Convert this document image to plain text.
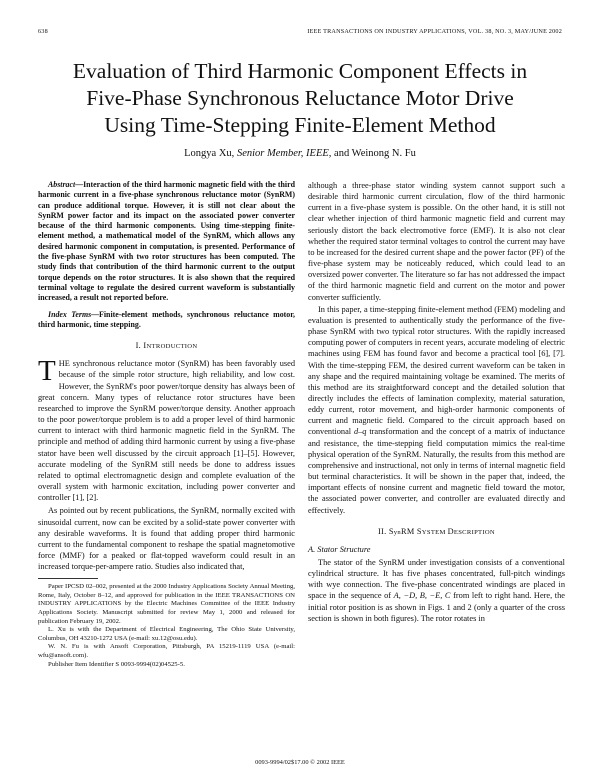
638	IEEE TRANSACTIONS ON INDUSTRY APPLICATIONS, VOL. 38, NO. 3, MAY/JUNE 2002
Evaluation of Third Harmonic Component Effects in
Five-Phase Synchronous Reluctance Motor Drive
Using Time-Stepping Finite-Element Method
Longya Xu, Senior Member, IEEE, and Weinong N. Fu

Abstract—Interaction of the third harmonic magnetic field with the third harmonic current in a five-phase synchronous reluctance motor (SynRM) can produce additional torque. However, it is still not clear about the SynRM power factor and its impact on the associated power converter because of the third harmonic components. Using time-stepping finite-element method, a mathematical model of the SynRM, which allows any desired harmonic component in computation, is presented. Performance of the five-phase SynRM with two rotor structures has been computed. The study finds that contribution of the third harmonic current to the output torque depends on the rotor structures. It is also shown that the required terminal voltage to regulate the desired current waveform is substantially increased, a result not reported before.

Index Terms—Finite-element methods, synchronous reluctance motor, third harmonic, time stepping.

I. INTRODUCTION

THE synchronous reluctance motor (SynRM) has been favorably used because of the simple rotor structure, high reliability, and low cost. However, the SynRM's poor power/torque density has always been of great concern. Many types of reluctance rotor structures have been researched to improve the SynRM power/torque density. Another approach to the poor power/torque problem is to add a proper level of third harmonic current to interact with third harmonic magnetic field in the SynRM. The principle and method of adding third harmonic current by using a five-phase stator have been well discussed by the circuit approach [1]–[5]. However, accurate modeling of the SynRM still needs be done to address issues related to optimal electromagnetic design and complete evaluation of the overall system with harmonic excitation, including power converter and controller [1], [2].

As pointed out by recent publications, the SynRM, normally excited with sinusoidal current, now can be excited by a solid-state power converter with any desirable waveforms. It is found that adding proper third harmonic current to the fundamental component to reshape the spatial magnetomotive force (MMF) for a peaked or flat-topped waveform could result in an increased torque-per-ampere ratio. Studies also indicated that,

Paper IPCSD 02–002, presented at the 2000 Industry Applications Society Annual Meeting, Rome, Italy, October 8–12, and approved for publication in the IEEE TRANSACTIONS ON INDUSTRY APPLICATIONS by the Electric Machines Committee of the IEEE Industry Applications Society. Manuscript submitted for review May 1, 2000 and released for publication February 19, 2002.

L. Xu is with the Department of Electrical Engineering, The Ohio State University, Columbus, OH 43210-1272 USA (e-mail: xu.12@osu.edu).

W. N. Fu is with Ansoft Corporation, Pittsburgh, PA 15219-1119 USA (e-mail: wfu@ansoft.com).

Publisher Item Identifier S 0093-9994(02)04525-5.

although a three-phase stator winding system cannot support such a desirable third harmonic current circulation, flow of the third harmonic current in a five-phase system is possible. On the other hand, it is still not clear whether injection of third harmonic magnetic field and current may seriously distort the back electromotive force (EMF). It is also not clear whether the required stator terminal voltages to control the current may have to be increased for the desired current shape and the power factor (PF) of the five-phase system may be noticeably reduced, which could lead to an oversized power converter. The literature so far has not addressed the impact of the third harmonic magnetic field and current on the motor and power converter sufficiently.

In this paper, a time-stepping finite-element method (FEM) modeling and evaluation is presented to authentically study the performance of the five-phase SynRM with two typical rotor structures. With the rapidly increased computing power of computers in recent years, accurate modeling of electric machines using FEM has found favor and become a practical tool [6], [7]. With the time-stepping FEM, the desired current waveform can be taken in any shape and the required maintaining voltage be examined. The merits of this method are its straightforward concept and the detailed solution that directly includes the effects of lamination complexity, material saturation, eddy current, rotor movement, and high-order harmonic components of current and magnetic field. Compared to the circuit approach based on conventional d–q transformation and the concept of a matrix of inductance and resistance, the time-stepping field computation mimics the real-time physical operation of the SynRM. Naturally, the results from this method are comprehensive and instructional, not only in terms of internal magnetic field but terminal characteristics. It will be shown in the paper that, indeed, the important effects of nonsine current and magnetic field toward the motor, the associated power converter, and controller are evaluated directly and effectively.

II. SynRM SYSTEM DESCRIPTION
A. Stator Structure

The stator of the SynRM under investigation consists of a conventional cylindrical structure. It has five phases concentrated, full-pitch windings with wye connection. The five-phase concentrated windings are placed in space in the sequence of A, −D, B, −E, C from left to right hand. Here, the initial rotor position is as shown in Figs. 1 and 2 (only a quarter of the cross section is shown in both figures). The rotor rotates in

0093-9994/02$17.00 © 2002 IEEE
